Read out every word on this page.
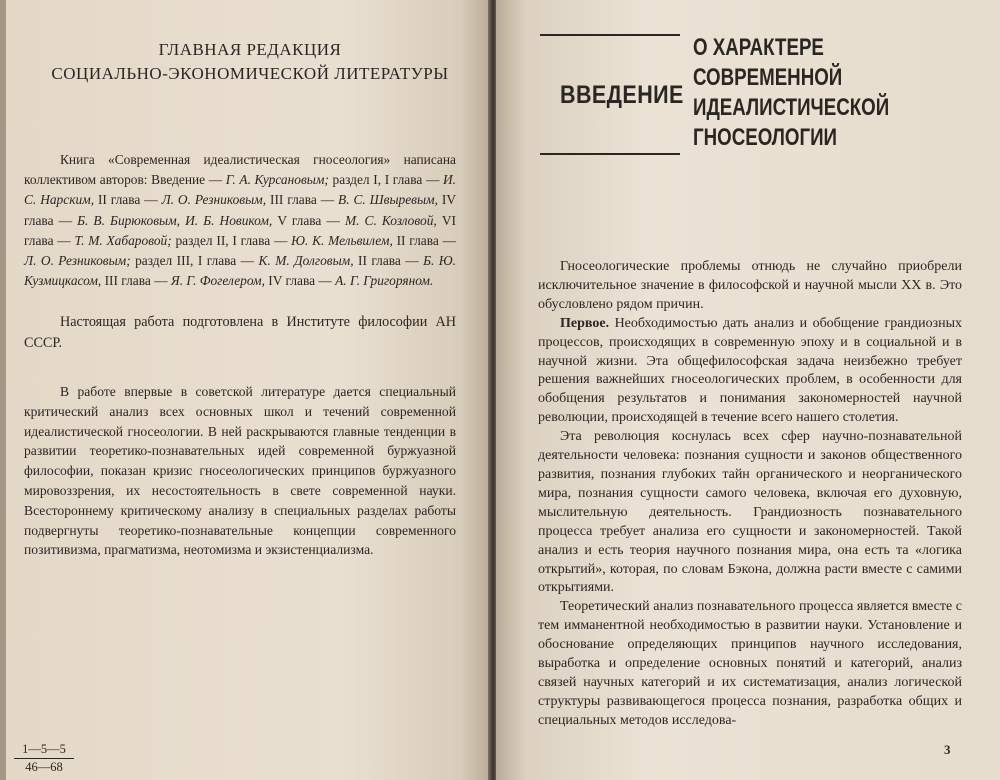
ГЛАВНАЯ РЕДАКЦИЯ
СОЦИАЛЬНО-ЭКОНОМИЧЕСКОЙ ЛИТЕРАТУРЫ

Книга «Современная идеалистическая гносеология» написана коллективом авторов: Введение — Г. А. Курсановым; раздел I, I глава — И. С. Нарским, II глава — Л. О. Резниковым, III глава — В. С. Швыревым, IV глава — Б. В. Бирюковым, И. Б. Новиком, V глава — М. С. Козловой, VI глава — Т. М. Хабаровой; раздел II, I глава — Ю. К. Мельвилем, II глава — Л. О. Резниковым; раздел III, I глава — К. М. Долговым, II глава — Б. Ю. Кузмицкасом, III глава — Я. Г. Фогелером, IV глава — А. Г. Григоряном.

Настоящая работа подготовлена в Институте философии АН СССР.

В работе впервые в советской литературе дается специальный критический анализ всех основных школ и течений современной идеалистической гносеологии. В ней раскрываются главные тенденции в развитии теоретико-познавательных идей современной буржуазной философии, показан кризис гносеологических принципов буржуазного мировоззрения, их несостоятельность в свете современной науки. Всестороннему критическому анализу в специальных разделах работы подвергнуты теоретико-познавательные концепции современного позитивизма, прагматизма, неотомизма и экзистенциализма.

$\frac{1—5—5}{46—68}$
ВВЕДЕНИЕ
О ХАРАКТЕРЕ
СОВРЕМЕННОЙ
ИДЕАЛИСТИЧЕСКОЙ
ГНОСЕОЛОГИИ

Гносеологические проблемы отнюдь не случайно приобрели исключительное значение в философской и научной мысли XX в. Это обусловлено рядом причин.

Первое. Необходимостью дать анализ и обобщение грандиозных процессов, происходящих в современную эпоху и в социальной и в научной жизни. Эта общефилософская задача неизбежно требует решения важнейших гносеологических проблем, в особенности для обобщения результатов и понимания закономерностей научной революции, происходящей в течение всего нашего столетия.

Эта революция коснулась всех сфер научно-познавательной деятельности человека: познания сущности и законов общественного развития, познания глубоких тайн органического и неорганического мира, познания сущности самого человека, включая его духовную, мыслительную деятельность. Грандиозность познавательного процесса требует анализа его сущности и закономерностей. Такой анализ и есть теория научного познания мира, она есть та «логика открытий», которая, по словам Бэкона, должна расти вместе с самими открытиями.

Теоретический анализ познавательного процесса является вместе с тем имманентной необходимостью в развитии науки. Установление и обоснование определяющих принципов научного исследования, выработка и определение основных понятий и категорий, анализ связей научных категорий и их систематизация, анализ логической структуры развивающегося процесса познания, разработка общих и специальных методов исследова-

3
